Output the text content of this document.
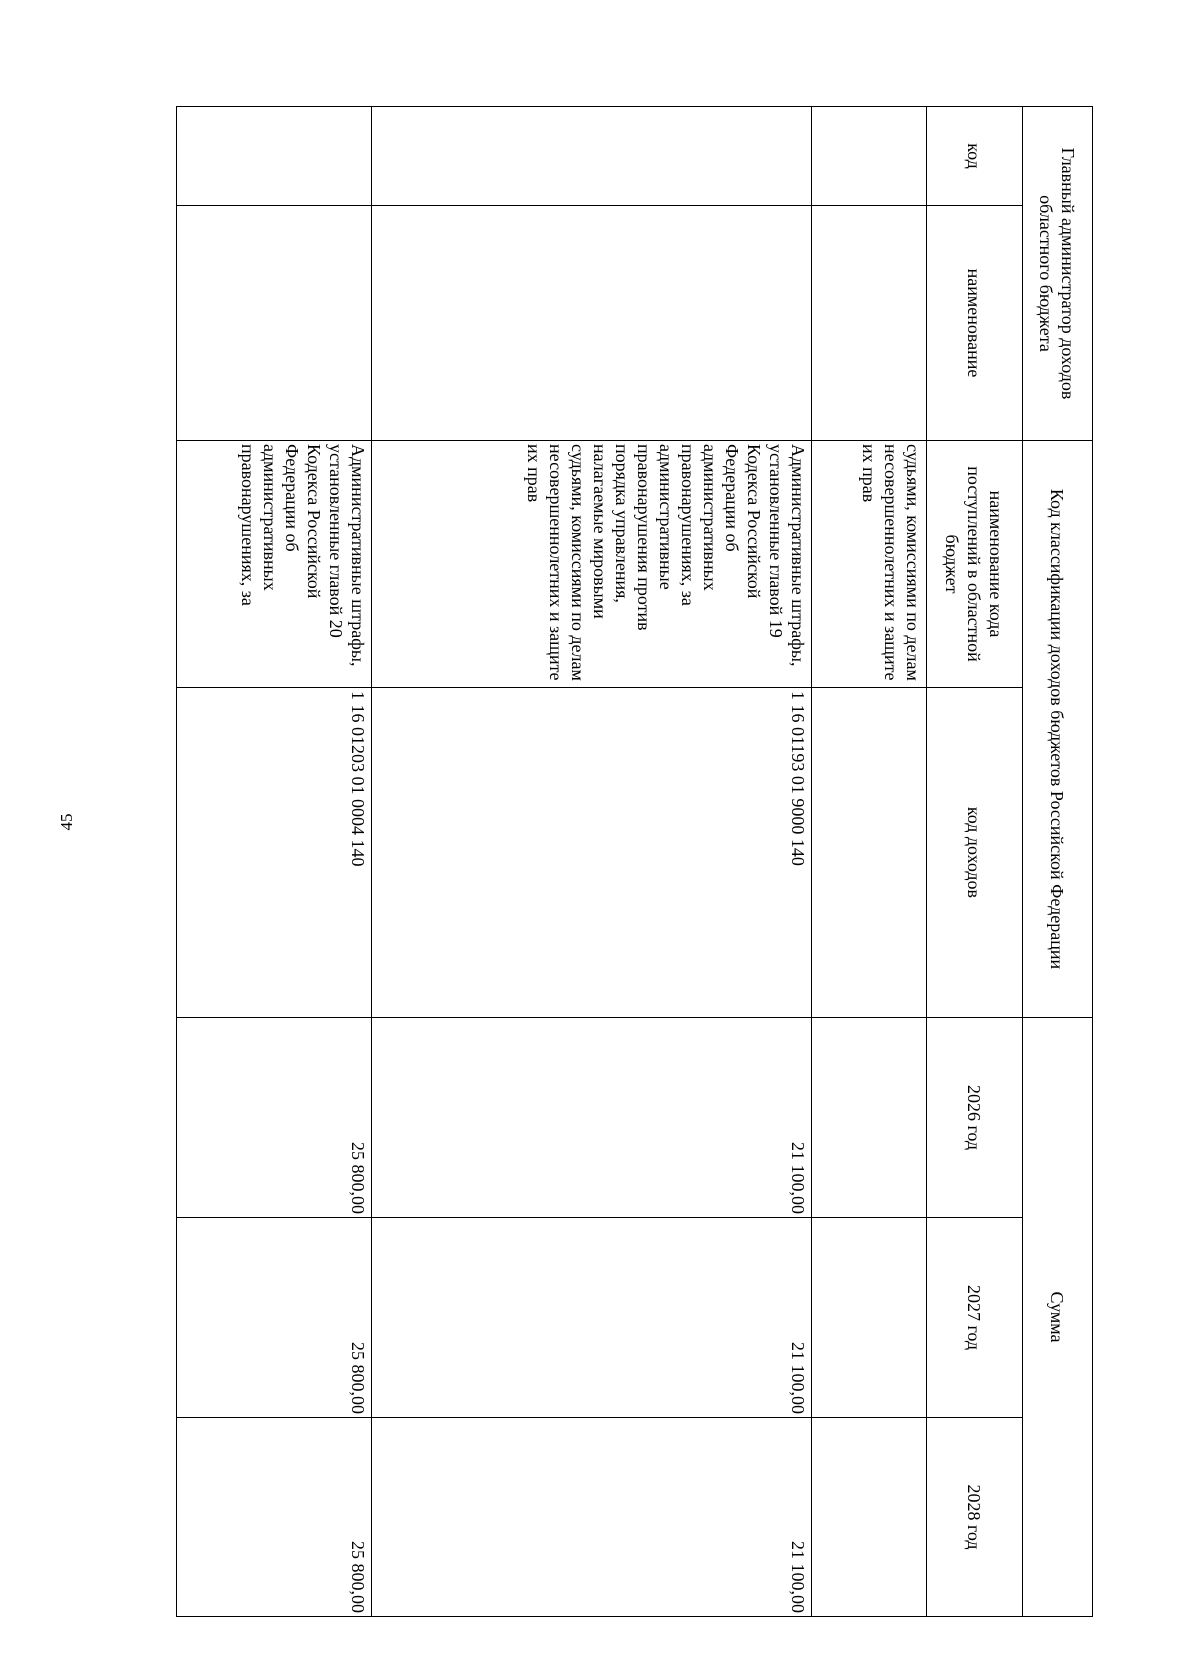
45
Главный администратор доходов областного бюджета		Код классификации доходов бюджетов Российской Федерации		Сумма		
код	наименование	наименование кода поступлений в областной бюджет	код доходов	2026 год	2027 год	2028 год
		судьями, комиссиями по делам несовершеннолетних и защите их прав				
		Административные штрафы, установленные главой 19 Кодекса Российской Федерации об административных правонарушениях, за административные правонарушения против порядка управления, налагаемые мировыми судьями, комиссиями по делам несовершеннолетних и защите их прав	1 16 01193 01 9000 140	21 100,00	21 100,00	21 100,00
		Административные штрафы, установленные главой 20 Кодекса Российской Федерации об административных правонарушениях, за	1 16 01203 01 0004 140	25 800,00	25 800,00	25 800,00
